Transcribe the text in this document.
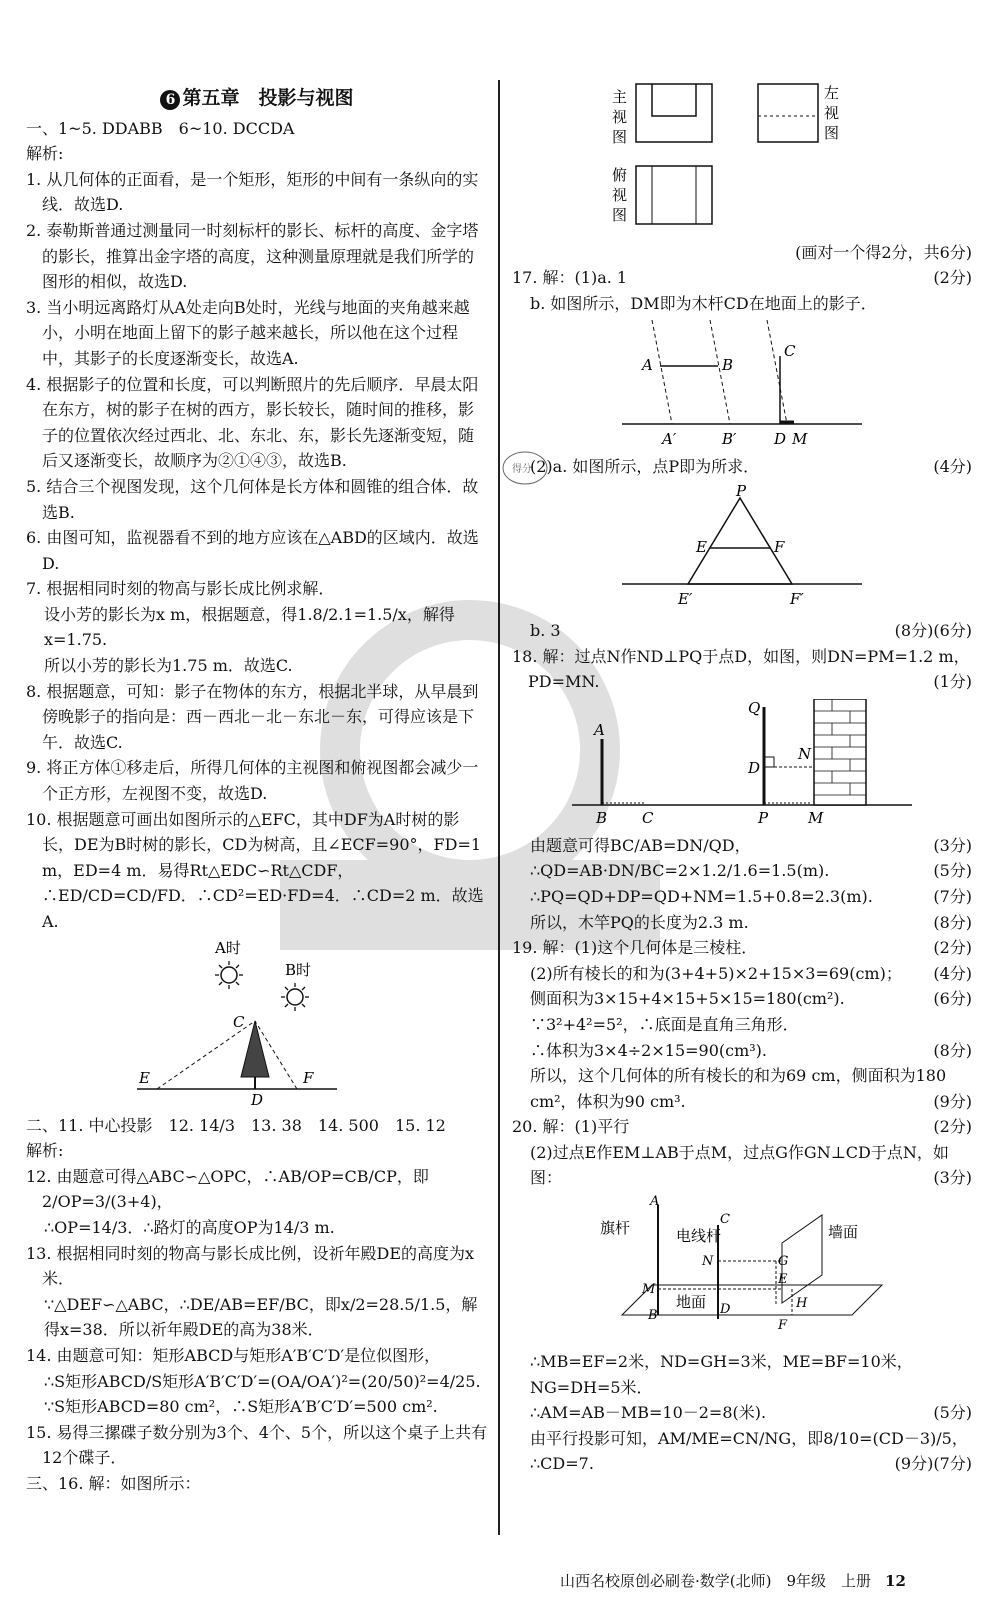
6 第五章　投影与视图

一、1~5. DDABB　6~10. DCCDA

解析:

1. 从几何体的正面看，是一个矩形，矩形的中间有一条纵向的实线．故选D.

2. 泰勒斯普通过测量同一时刻标杆的影长、标杆的高度、金字塔的影长，推算出金字塔的高度，这种测量原理就是我们所学的图形的相似，故选D.

3. 当小明远离路灯从A处走向B处时，光线与地面的夹角越来越小，小明在地面上留下的影子越来越长，所以他在这个过程中，其影子的长度逐渐变长，故选A.

4. 根据影子的位置和长度，可以判断照片的先后顺序．早晨太阳在东方，树的影子在树的西方，影长较长，随时间的推移，影子的位置依次经过西北、北、东北、东，影长先逐渐变短，随后又逐渐变长，故顺序为②①④③，故选B.

5. 结合三个视图发现，这个几何体是长方体和圆锥的组合体．故选B.

6. 由图可知，监视器看不到的地方应该在△ABD的区域内．故选D.

7. 根据相同时刻的物高与影长成比例求解．

设小芳的影长为x m，根据题意，得1.8/2.1=1.5/x，解得x=1.75.

所以小芳的影长为1.75 m．故选C.

8. 根据题意，可知：影子在物体的东方，根据北半球，从早晨到傍晚影子的指向是：西－西北－北－东北－东，可得应该是下午．故选C.

9. 将正方体①移走后，所得几何体的主视图和俯视图都会减少一个正方形，左视图不变，故选D.

10. 根据题意可画出如图所示的△EFC，其中DF为A时树的影长，DE为B时树的影长，CD为树高，且∠ECF=90°，FD=1 m，ED=4 m．易得Rt△EDC∽Rt△CDF，∴ED/CD=CD/FD．∴CD²=ED·FD=4．∴CD=2 m．故选A.

A时
B时
C
E
D
F

二、11. 中心投影　12. 14/3　13. 38　14. 500　15. 12

解析:

12. 由题意可得△ABC∽△OPC，∴AB/OP=CB/CP，即2/OP=3/(3+4)，

∴OP=14/3．∴路灯的高度OP为14/3 m.

13. 根据相同时刻的物高与影长成比例，设祈年殿DE的高度为x米．

∵△DEF∽△ABC，∴DE/AB=EF/BC，即x/2=28.5/1.5，解得x=38．所以祈年殿DE的高为38米．

14. 由题意可知：矩形ABCD与矩形A′B′C′D′是位似图形，

∴S矩形ABCD/S矩形A′B′C′D′=(OA/OA′)²=(20/50)²=4/25.

∵S矩形ABCD=80 cm²，∴S矩形A′B′C′D′=500 cm².

15. 易得三摞碟子数分别为3个、4个、5个，所以这个桌子上共有12个碟子．

三、16. 解：如图所示：

主
视
图
左
视
图
俯
视
图
(画对一个得2分，共6分)

17. 解：(1)a. 1	(2分)

b. 如图所示，DM即为木杆CD在地面上的影子．

A	B
C
A′	B′	D M

(4分)

(2)a. 如图所示，点P即为所求．

P
E	F
E′	F′

(6分)

b. 3	(8分)

18. 解：过点N作ND⊥PQ于点D，如图，则DN=PM=1.2 m，PD=MN.	(1分)

A
B C
Q
N
D
P	M

由题意可得BC/AB=DN/QD，	(3分)

∴QD=AB·DN/BC=2×1.2/1.6=1.5(m).	(5分)

∴PQ=QD+DP=QD+NM=1.5+0.8=2.3(m).	(7分)

所以，木竿PQ的长度为2.3 m.	(8分)

19. 解：(1)这个几何体是三棱柱．	(2分)

(2)所有棱长的和为(3+4+5)×2+15×3=69(cm)； (4分)

侧面积为3×15+4×15+5×15=180(cm²).	(6分)

∵3²+4²=5²，∴底面是直角三角形．

∴体积为3×4÷2×15=90(cm³).	(8分)

所以，这个几何体的所有棱长的和为69 cm，侧面积为180 cm²，体积为90 cm³.	(9分)

20. 解：(1)平行	(2分)

(2)过点E作EM⊥AB于点M，过点G作GN⊥CD于点N，如图：	(3分)

A
旗杆	C
电线杆	墙面
N
M
地面
B	D
E
G
F
H

∴MB=EF=2米，ND=GH=3米，ME=BF=10米，NG=DH=5米．

∴AM=AB－MB=10－2=8(米).	(5分)

由平行投影可知，AM/ME=CN/NG，即8/10=(CD－3)/5，
(7分)

∴CD=7.	(9分)

得分
山西名校原创必刷卷·数学(北师)　9年级　上册 12
